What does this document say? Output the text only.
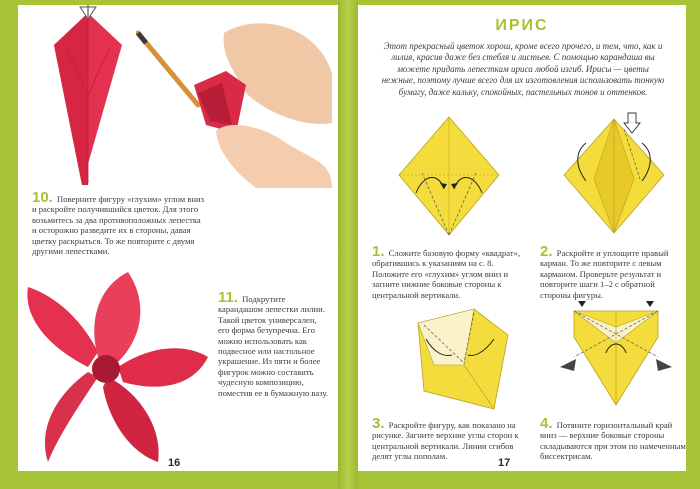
10. Поверните фигуру «глухим» углом вниз и раскройте получившийся цветок. Для этого возьмитесь за два противоположных лепестка и осторожно разведите их в стороны, давая цветку раскрыться. То же повторите с двумя другими лепестками.
11. Подкрутите карандашом лепестки лилии. Такой цветок универсален, его форма безупречна. Его можно использовать как подвесное или настольное украшение. Из пяти и более фигурок можно составить чудесную композицию, поместив ее в бумажную вазу.
16
ИРИС
Этот прекрасный цветок хорош, кроме всего прочего, и тем, что, как и лилия, красив даже без стебля и листьев. С помощью карандаша вы можете придать лепесткам ириса любой изгиб. Ирисы — цветы нежные, поэтому лучше всего для их изготовления использовать тонкую бумагу, даже кальку, спокойных, пастельных тонов и оттенков.
1. Сложите базовую форму «квадрат», обратившись к указаниям на с. 8. Положите его «глухим» углом вниз и загните нижние боковые стороны к центральной вертикали.
2. Раскройте и уплощите правый карман. То же повторите с левым карманом. Проверьте результат и повторите шаги 1–2 с обратной стороны фигуры.
3. Раскройте фигуру, как показано на рисунке. Загните верхние углы сторон к центральной вертикали. Линии сгибов делят углы пополам.
4. Потяните горизонтальный край вниз — верхние боковые стороны складываются при этом по намеченным биссектрисам.
17
